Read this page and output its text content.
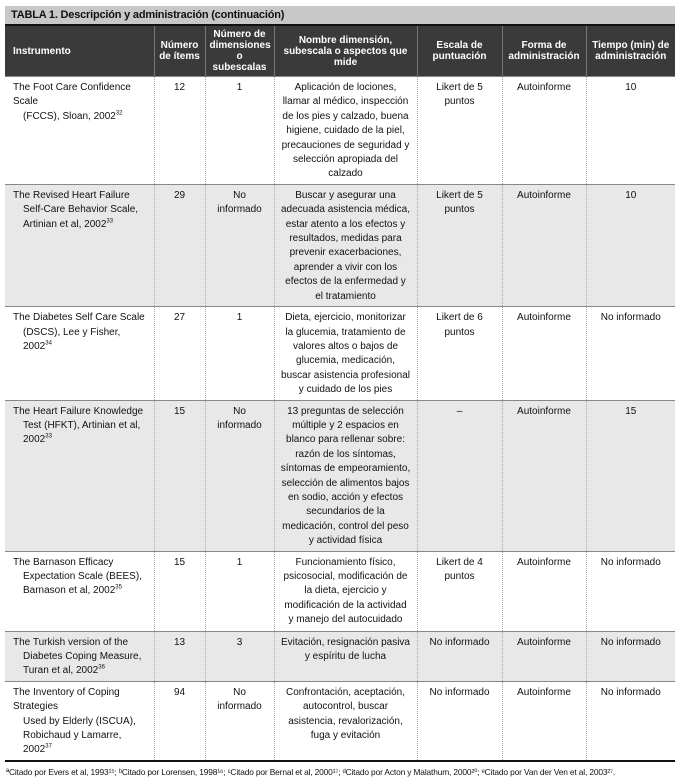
TABLA 1. Descripción y administración (continuación)
Instrumento	Número de ítems	Número de dimensiones o subescalas	Nombre dimensión, subescala o aspectos que mide	Escala de puntuación	Forma de administración	Tiempo (min) de administración
The Foot Care Confidence Scale
(FCCS), Sloan, 2002$^{32}$	12	1	Aplicación de lociones, llamar al médico, inspección de los pies y calzado, buena higiene, cuidado de la piel, precauciones de seguridad y selección apropiada del calzado	Likert de 5 puntos	Autoinforme	10
The Revised Heart Failure
Self-Care Behavior Scale, Artinian et al, 2002$^{33}$	29	No informado	Buscar y asegurar una adecuada asistencia médica, estar atento a los efectos y resultados, medidas para prevenir exacerbaciones, aprender a vivir con los efectos de la enfermedad y el tratamiento	Likert de 5 puntos	Autoinforme	10
The Diabetes Self Care Scale
(DSCS), Lee y Fisher, 2002$^{34}$	27	1	Dieta, ejercicio, monitorizar la glucemia, tratamiento de valores altos o bajos de glucemia, medicación, buscar asistencia profesional y cuidado de los pies	Likert de 6 puntos	Autoinforme	No informado
The Heart Failure Knowledge
Test (HFKT), Artinian et al, 2002$^{33}$	15	No informado	13 preguntas de selección múltiple y 2 espacios en blanco para rellenar sobre: razón de los síntomas, síntomas de empeoramiento, selección de alimentos bajos en sodio, acción y efectos secundarios de la medicación, control del peso y actividad física	–	Autoinforme	15
The Barnason Efficacy
Expectation Scale (BEES), Barnason et al, 2002$^{35}$	15	1	Funcionamiento físico, psicosocial, modificación de la dieta, ejercicio y modificación de la actividad y manejo del autocuidado	Likert de 4 puntos	Autoinforme	No informado
The Turkish version of the
Diabetes Coping Measure, Turan et al, 2002$^{36}$	13	3	Evitación, resignación pasiva y espíritu de lucha	No informado	Autoinforme	No informado
The Inventory of Coping Strategies
Used by Elderly (ISCUA), Robichaud y Lamarre, 2002$^{37}$	94	No informado	Confrontación, aceptación, autocontrol, buscar asistencia, revalorización, fuga y evitación	No informado	Autoinforme	No informado
ªCitado por Evers et al, 1993¹⁵; ᵇCitado por Lorensen, 1998¹⁶; ᶜCitado por Bernal et al, 2000¹⁷; ᵈCitado por Acton y Malathum, 2000²⁰; ᵉCitado por Van der Ven et al, 2003²⁷.
